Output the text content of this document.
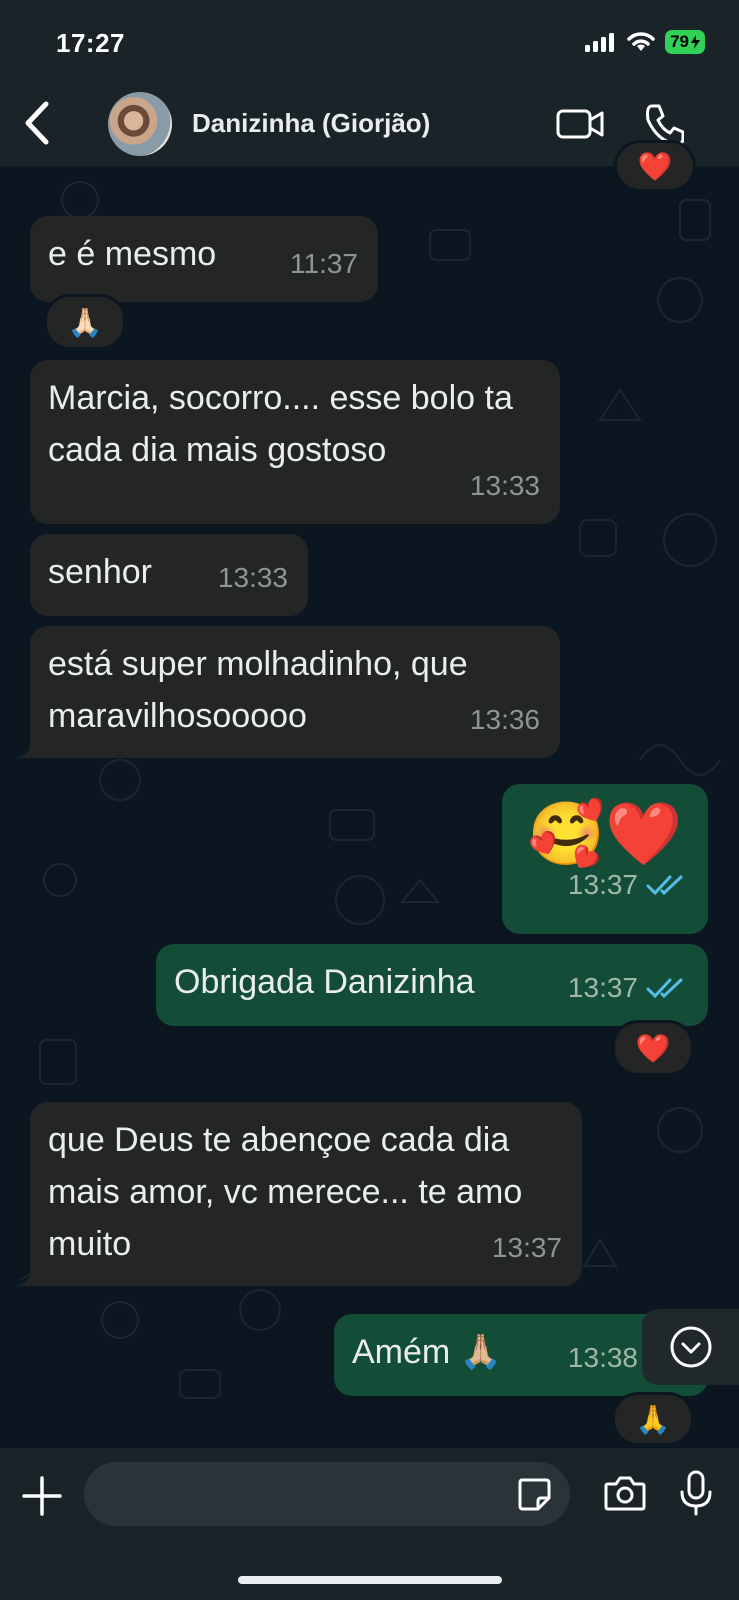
17:27	79
Danizinha (Giorjão)
❤️
e é mesmo	11:37
🙏🏻
Marcia, socorro.... esse bolo ta cada dia mais gostoso
13:33
senhor	13:33
está super molhadinho, que maravilhosooooo	13:36
🥰❤️
13:37
Obrigada Danizinha	13:37
❤️
que Deus te abençoe cada dia mais amor, vc merece... te amo muito	13:37
Amém 🙏🏼	13:38
🙏
